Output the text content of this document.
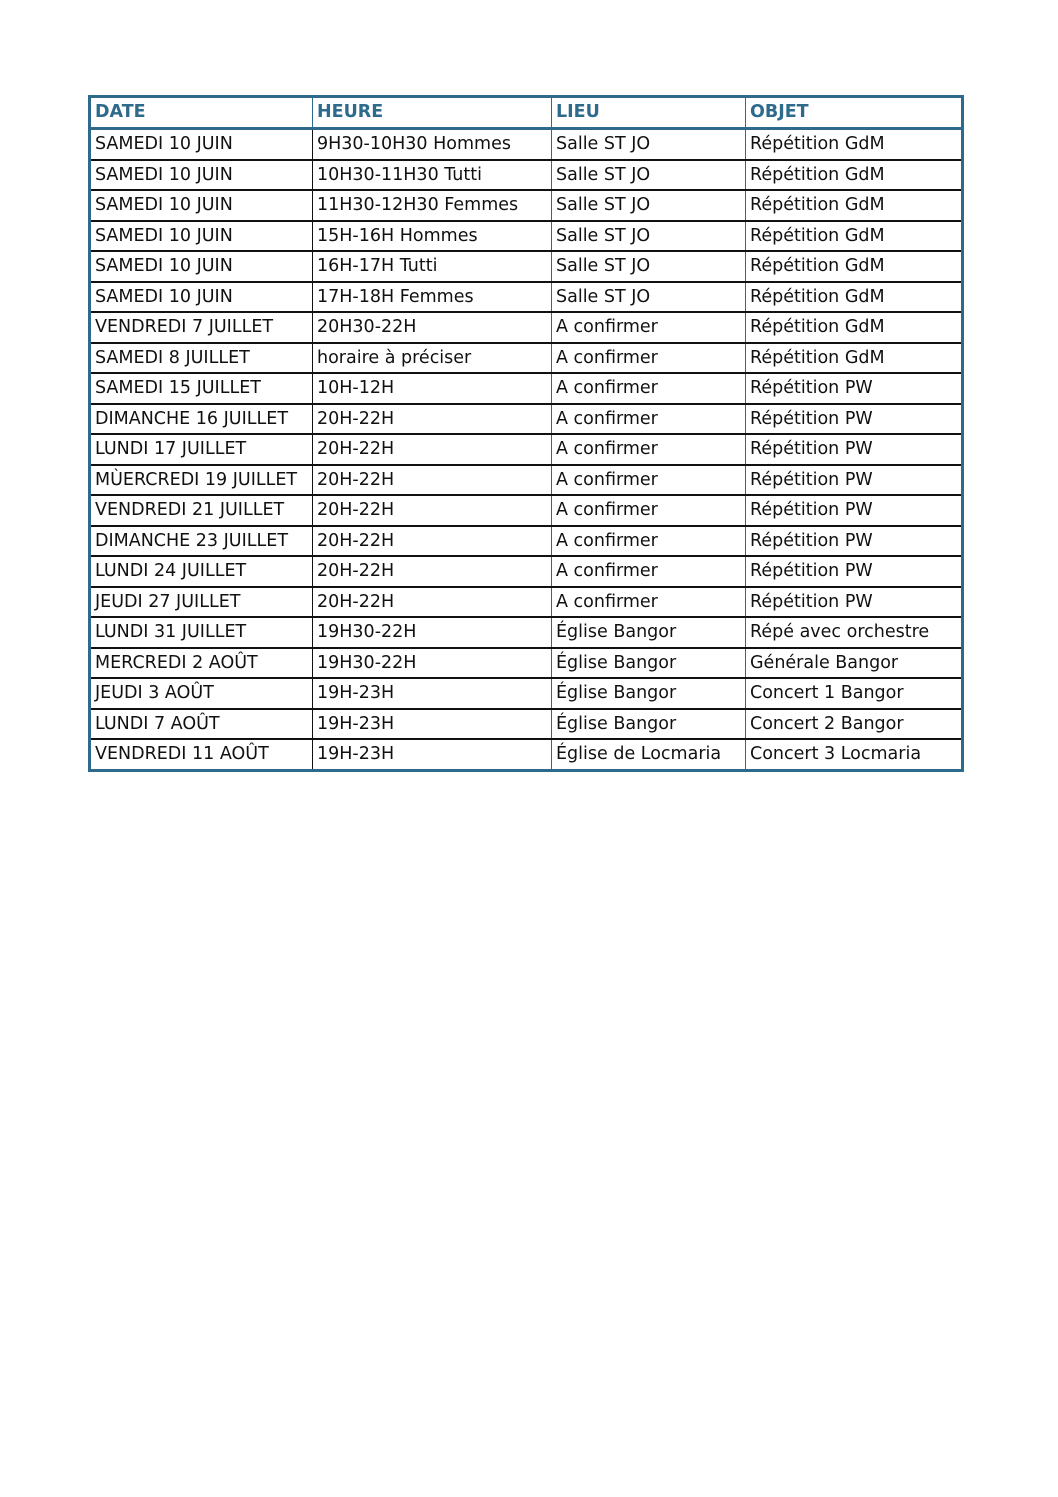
DATE	HEURE	LIEU	OBJET
SAMEDI 10 JUIN	9H30-10H30 Hommes	Salle ST JO	Répétition GdM
SAMEDI 10 JUIN	10H30-11H30 Tutti	Salle ST JO	Répétition GdM
SAMEDI 10 JUIN	11H30-12H30 Femmes	Salle ST JO	Répétition GdM
SAMEDI 10 JUIN	15H-16H Hommes	Salle ST JO	Répétition GdM
SAMEDI 10 JUIN	16H-17H Tutti	Salle ST JO	Répétition GdM
SAMEDI 10 JUIN	17H-18H Femmes	Salle ST JO	Répétition GdM
VENDREDI 7 JUILLET	20H30-22H	A confirmer	Répétition GdM
SAMEDI 8 JUILLET	horaire à préciser	A confirmer	Répétition GdM
SAMEDI 15 JUILLET	10H-12H	A confirmer	Répétition PW
DIMANCHE 16 JUILLET	20H-22H	A confirmer	Répétition PW
LUNDI 17 JUILLET	20H-22H	A confirmer	Répétition PW
MÙERCREDI 19 JUILLET	20H-22H	A confirmer	Répétition PW
VENDREDI 21 JUILLET	20H-22H	A confirmer	Répétition PW
DIMANCHE 23 JUILLET	20H-22H	A confirmer	Répétition PW
LUNDI 24 JUILLET	20H-22H	A confirmer	Répétition PW
JEUDI 27 JUILLET	20H-22H	A confirmer	Répétition PW
LUNDI 31 JUILLET	19H30-22H	Église Bangor	Répé avec orchestre
MERCREDI 2 AOÛT	19H30-22H	Église Bangor	Générale Bangor
JEUDI 3 AOÛT	19H-23H	Église Bangor	Concert 1 Bangor
LUNDI 7 AOÛT	19H-23H	Église Bangor	Concert 2 Bangor
VENDREDI 11 AOÛT	19H-23H	Église de Locmaria	Concert 3 Locmaria
